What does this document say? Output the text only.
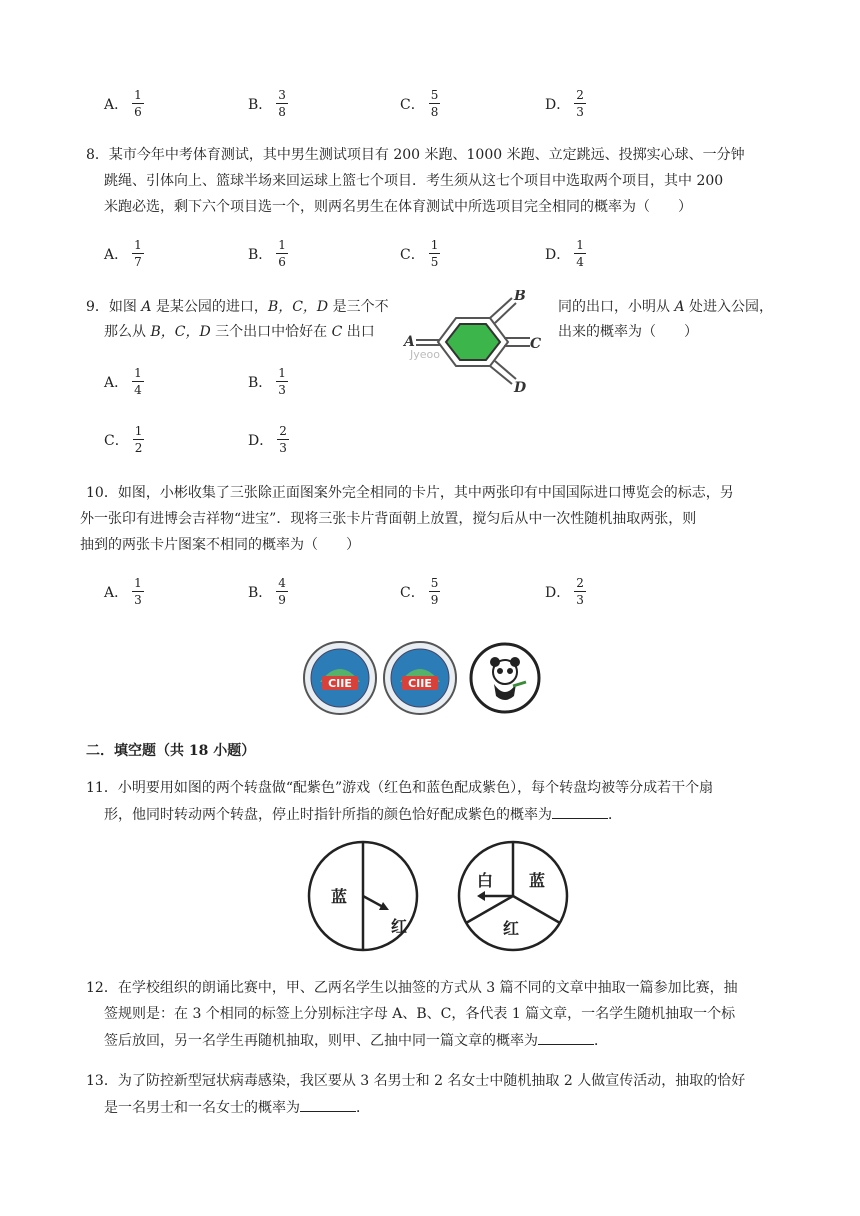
A． $\frac{1}{6}$	B． $\frac{3}{8}$	C． $\frac{5}{8}$	D． $\frac{2}{3}$
8．某市今年中考体育测试，其中男生测试项目有 200 米跑、1000 米跑、立定跳远、投掷实心球、一分钟
跳绳、引体向上、篮球半场来回运球上篮七个项目．考生须从这七个项目中选取两个项目，其中 200
米跑必选，剩下六个项目选一个，则两名男生在体育测试中所选项目完全相同的概率为（　　）
A． $\frac{1}{7}$	B． $\frac{1}{6}$	C． $\frac{1}{5}$	D． $\frac{1}{4}$
9．如图 A 是某公园的进口，B，C，D 是三个不	同的出口，小明从 A 处进入公园，
那么从 B，C，D 三个出口中恰好在 C 出口	出来的概率为（　　）
Jyeoo
A
B
C
D
A． $\frac{1}{4}$	B． $\frac{1}{3}$
C． $\frac{1}{2}$	D． $\frac{2}{3}$
10．如图，小彬收集了三张除正面图案外完全相同的卡片，其中两张印有中国国际进口博览会的标志，另
外一张印有进博会吉祥物“进宝”．现将三张卡片背面朝上放置，搅匀后从中一次性随机抽取两张，则
抽到的两张卡片图案不相同的概率为（　　）
A． $\frac{1}{3}$	B． $\frac{4}{9}$	C． $\frac{5}{9}$	D． $\frac{2}{3}$
CIIE	CIIE
二．填空题（共 18 小题）
11．小明要用如图的两个转盘做“配紫色”游戏（红色和蓝色配成紫色），每个转盘均被等分成若干个扇
形，他同时转动两个转盘，停止时指针所指的颜色恰好配成紫色的概率为	．
蓝
红
白 蓝
红
12．在学校组织的朗诵比赛中，甲、乙两名学生以抽签的方式从 3 篇不同的文章中抽取一篇参加比赛，抽
签规则是：在 3 个相同的标签上分别标注字母 A、B、C，各代表 1 篇文章，一名学生随机抽取一个标
签后放回，另一名学生再随机抽取，则甲、乙抽中同一篇文章的概率为	．
13．为了防控新型冠状病毒感染，我区要从 3 名男士和 2 名女士中随机抽取 2 人做宣传活动，抽取的恰好
是一名男士和一名女士的概率为	．
